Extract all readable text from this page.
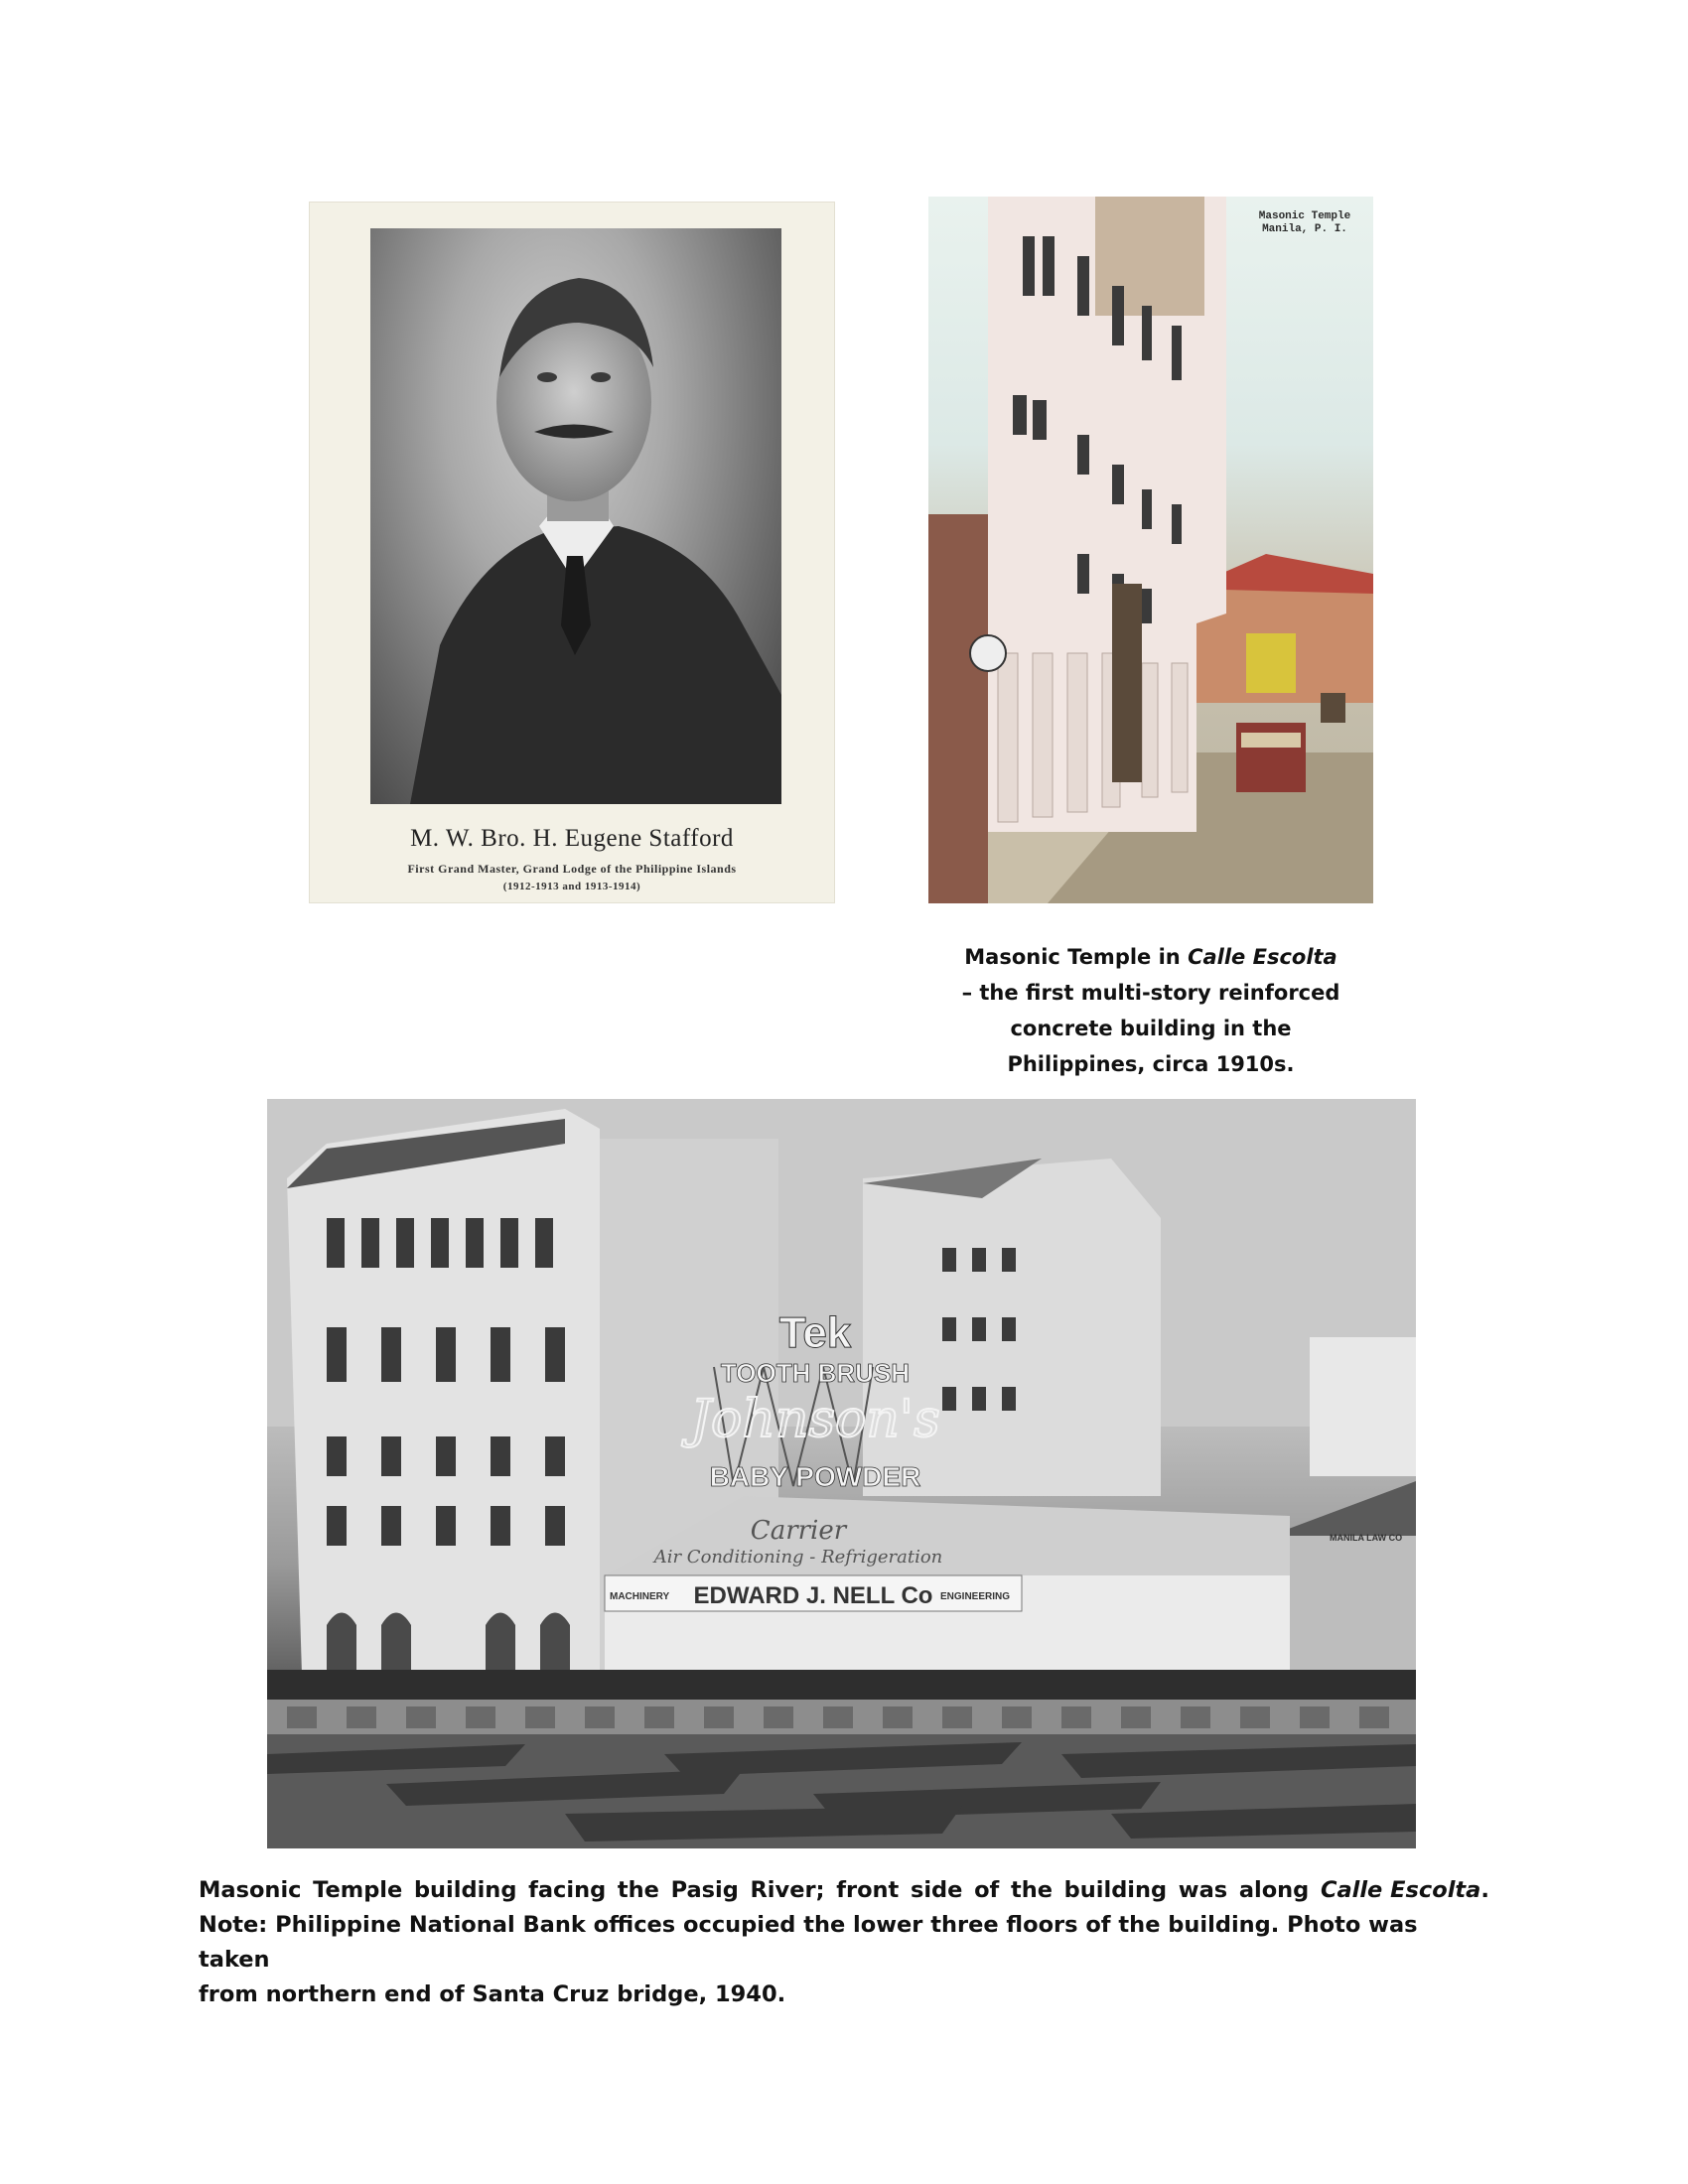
M. W. Bro. H. Eugene Stafford
First Grand Master, Grand Lodge of the Philippine Islands
(1912-1913 and 1913-1914)
Masonic Temple
Manila, P. I.
Masonic Temple in Calle Escolta
– the first multi-story reinforced
concrete building in the
Philippines, circa 1910s.
Tek
TOOTH BRUSH
Johnson's
BABY POWDER
Carrier
Air Conditioning - Refrigeration
MACHINERY EDWARD J. NELL Co ENGINEERING
MANILA LAW CO
Masonic Temple building facing the Pasig River; front side of the building was along Calle Escolta.
Note: Philippine National Bank offices occupied the lower three floors of the building. Photo was taken
from northern end of Santa Cruz bridge, 1940.
